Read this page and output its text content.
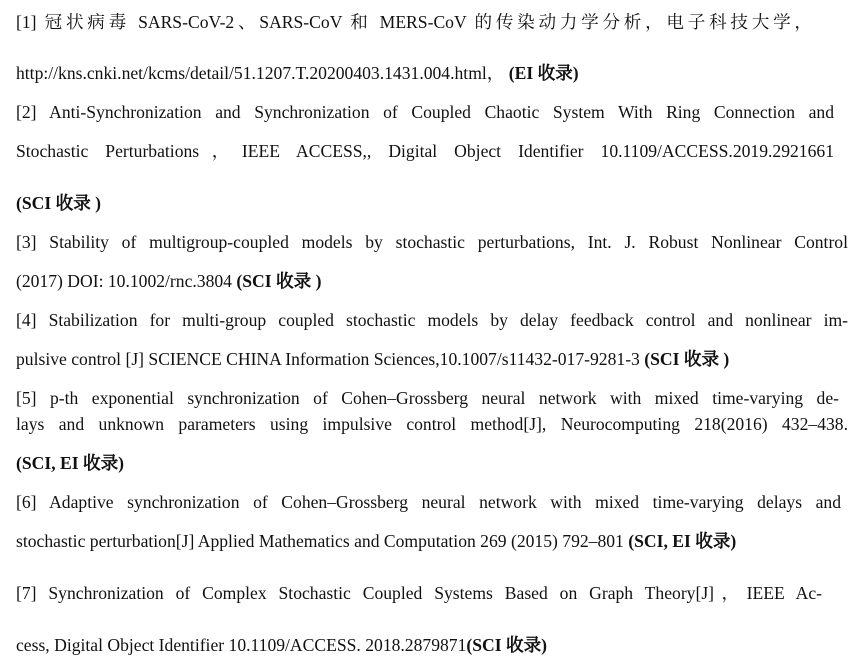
[1] 冠状病毒 SARS-CoV-2、SARS-CoV 和 MERS-CoV 的传染动力学分析，电子科技大学，
http://kns.cnki.net/kcms/detail/51.1207.T.20200403.1431.004.html， (EI 收录)
[2] Anti-Synchronization and Synchronization of Coupled Chaotic System With Ring Connection and
Stochastic Perturbations，IEEE ACCESS,, Digital Object Identifier 10.1109/ACCESS.2019.2921661
(SCI 收录 )
[3] Stability of multigroup-coupled models by stochastic perturbations, Int. J. Robust Nonlinear Control
(2017) DOI: 10.1002/rnc.3804 (SCI 收录 )
[4] Stabilization for multi-group coupled stochastic models by delay feedback control and nonlinear im-
pulsive control [J] SCIENCE CHINA Information Sciences,10.1007/s11432-017-9281-3 (SCI 收录 )
[5] p-th exponential synchronization of Cohen–Grossberg neural network with mixed time-varying de-
lays and unknown parameters using impulsive control method[J], Neurocomputing 218(2016) 432–438.
(SCI, EI 收录)
[6] Adaptive synchronization of Cohen–Grossberg neural network with mixed time-varying delays and
stochastic perturbation[J] Applied Mathematics and Computation 269 (2015) 792–801 (SCI, EI 收录)
[7] Synchronization of Complex Stochastic Coupled Systems Based on Graph Theory[J]，IEEE Ac-
cess, Digital Object Identifier 10.1109/ACCESS. 2018.2879871(SCI 收录)
